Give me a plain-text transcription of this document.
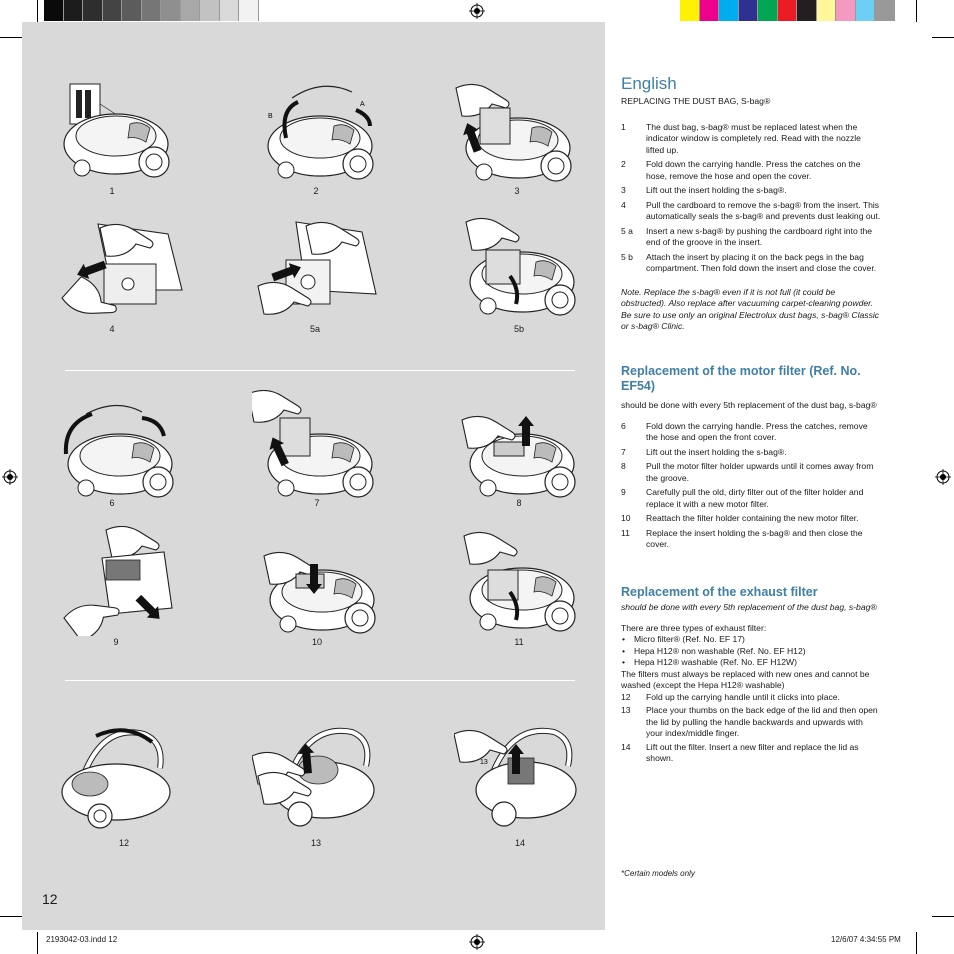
1
B
A
2	3
4	5a	5b
6	7	8
9	10	11
12	13
13
14
12
English
REPLACING THE DUST BAG, S-bag®
1	The dust bag, s-bag® must be replaced latest when the indicator window is completely red. Read with the nozzle lifted up.
2	Fold down the carrying handle. Press the catches on the hose, remove the hose and open the cover.
3	Lift out the insert holding the s-bag®.
4	Pull the cardboard to remove the s-bag® from the insert. This automatically seals the s-bag® and prevents dust leaking out.
5 a	Insert a new s-bag® by pushing the cardboard right into the end of the groove in the insert.
5 b	Attach the insert by placing it on the back pegs in the bag compartment. Then fold down the insert and close the cover.
Note. Replace the s-bag® even if it is not full (it could be obstructed). Also replace after vacuuming carpet-cleaning powder. Be sure to use only an original Electrolux dust bags, s-bag® Classic or s-bag® Clinic.
Replacement of the motor filter (Ref. No. EF54)
should be done with every 5th replacement of the dust bag, s-bag®
6	Fold down the carrying handle. Press the catches, remove the hose and open the front cover.
7	Lift out the insert holding the s-bag®.
8	Pull the motor filter holder upwards until it comes away from the groove.
9	Carefully pull the old, dirty filter out of the filter holder and replace it with a new motor filter.
10	Reattach the filter holder containing the new motor filter.
11	Replace the insert holding the s-bag® and then close the cover.
Replacement of the exhaust filter
should be done with every 5th replacement of the dust bag, s-bag®
There are three types of exhaust filter:
•	Micro filter® (Ref. No. EF 17)
•	Hepa H12® non washable (Ref. No. EF H12)
•	Hepa H12® washable (Ref. No. EF H12W)
The filters must always be replaced with new ones and cannot be washed (except the Hepa H12® washable)
12	Fold up the carrying handle until it clicks into place.
13	Place your thumbs on the back edge of the lid and then open the lid by pulling the handle backwards and upwards with your index/middle finger.
14	Lift out the filter. Insert a new filter and replace the lid as shown.
*Certain models only
2193042-03.indd 12	12/6/07 4:34:55 PM
